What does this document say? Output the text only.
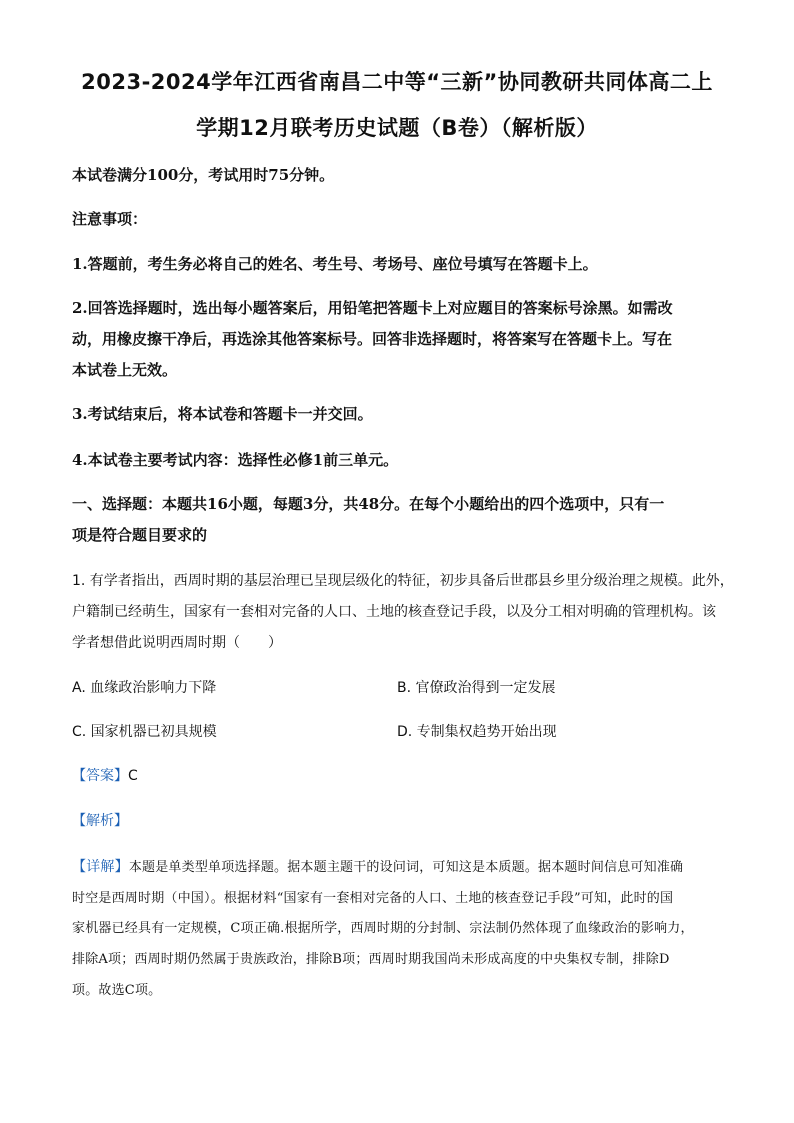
2023-2024学年江西省南昌二中等“三新”协同教研共同体高二上
学期12月联考历史试题（B卷）（解析版）
本试卷满分100分，考试用时75分钟。
注意事项：
1.答题前，考生务必将自己的姓名、考生号、考场号、座位号填写在答题卡上。
2.回答选择题时，选出每小题答案后，用铅笔把答题卡上对应题目的答案标号涂黑。如需改
动，用橡皮擦干净后，再选涂其他答案标号。回答非选择题时，将答案写在答题卡上。写在
本试卷上无效。
3.考试结束后，将本试卷和答题卡一并交回。
4.本试卷主要考试内容：选择性必修1前三单元。
一、选择题：本题共16小题，每题3分，共48分。在每个小题给出的四个选项中，只有一
项是符合题目要求的
1. 有学者指出，西周时期的基层治理已呈现层级化的特征，初步具备后世郡县乡里分级治理之规模。此外，
户籍制已经萌生，国家有一套相对完备的人口、土地的核查登记手段，以及分工相对明确的管理机构。该
学者想借此说明西周时期（　　）
A. 血缘政治影响力下降	B. 官僚政治得到一定发展
C. 国家机器已初具规模	D. 专制集权趋势开始出现
【答案】C
【解析】
【详解】本题是单类型单项选择题。据本题主题干的设问词，可知这是本质题。据本题时间信息可知准确
时空是西周时期（中国）。根据材料“国家有一套相对完备的人口、土地的核查登记手段”可知，此时的国
家机器已经具有一定规模，C项正确.根据所学，西周时期的分封制、宗法制仍然体现了血缘政治的影响力，
排除A项；西周时期仍然属于贵族政治，排除B项；西周时期我国尚未形成高度的中央集权专制，排除D
项。故选C项。
